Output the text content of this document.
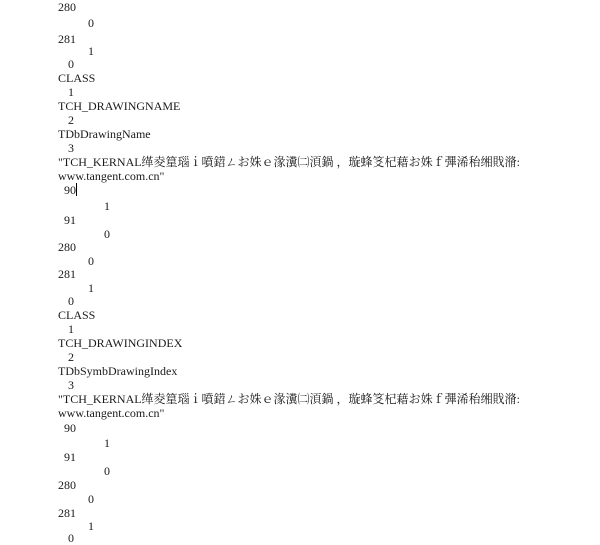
280
0
281
1
0
CLASS
1
TCH_DRAWINGNAME
2
TDbDrawingName
3
"TCH_KERNAL缂夌篂瑙ｉ噴鍣ㄥお姝ｅ湪瀵㈡湏鍋 ，璇蜂笅杞藉お姝ｆ彃浠秮缃戝潃:
www.tangent.com.cn"
90
1
91
0
280
0
281
1
0
CLASS
1
TCH_DRAWINGINDEX
2
TDbSymbDrawingIndex
3
"TCH_KERNAL缂夌篂瑙ｉ噴鍣ㄥお姝ｅ湪瀵㈡湏鍋 ，璇蜂笅杞藉お姝ｆ彃浠秮缃戝潃:
www.tangent.com.cn"
90
1
91
0
280
0
281
1
0
